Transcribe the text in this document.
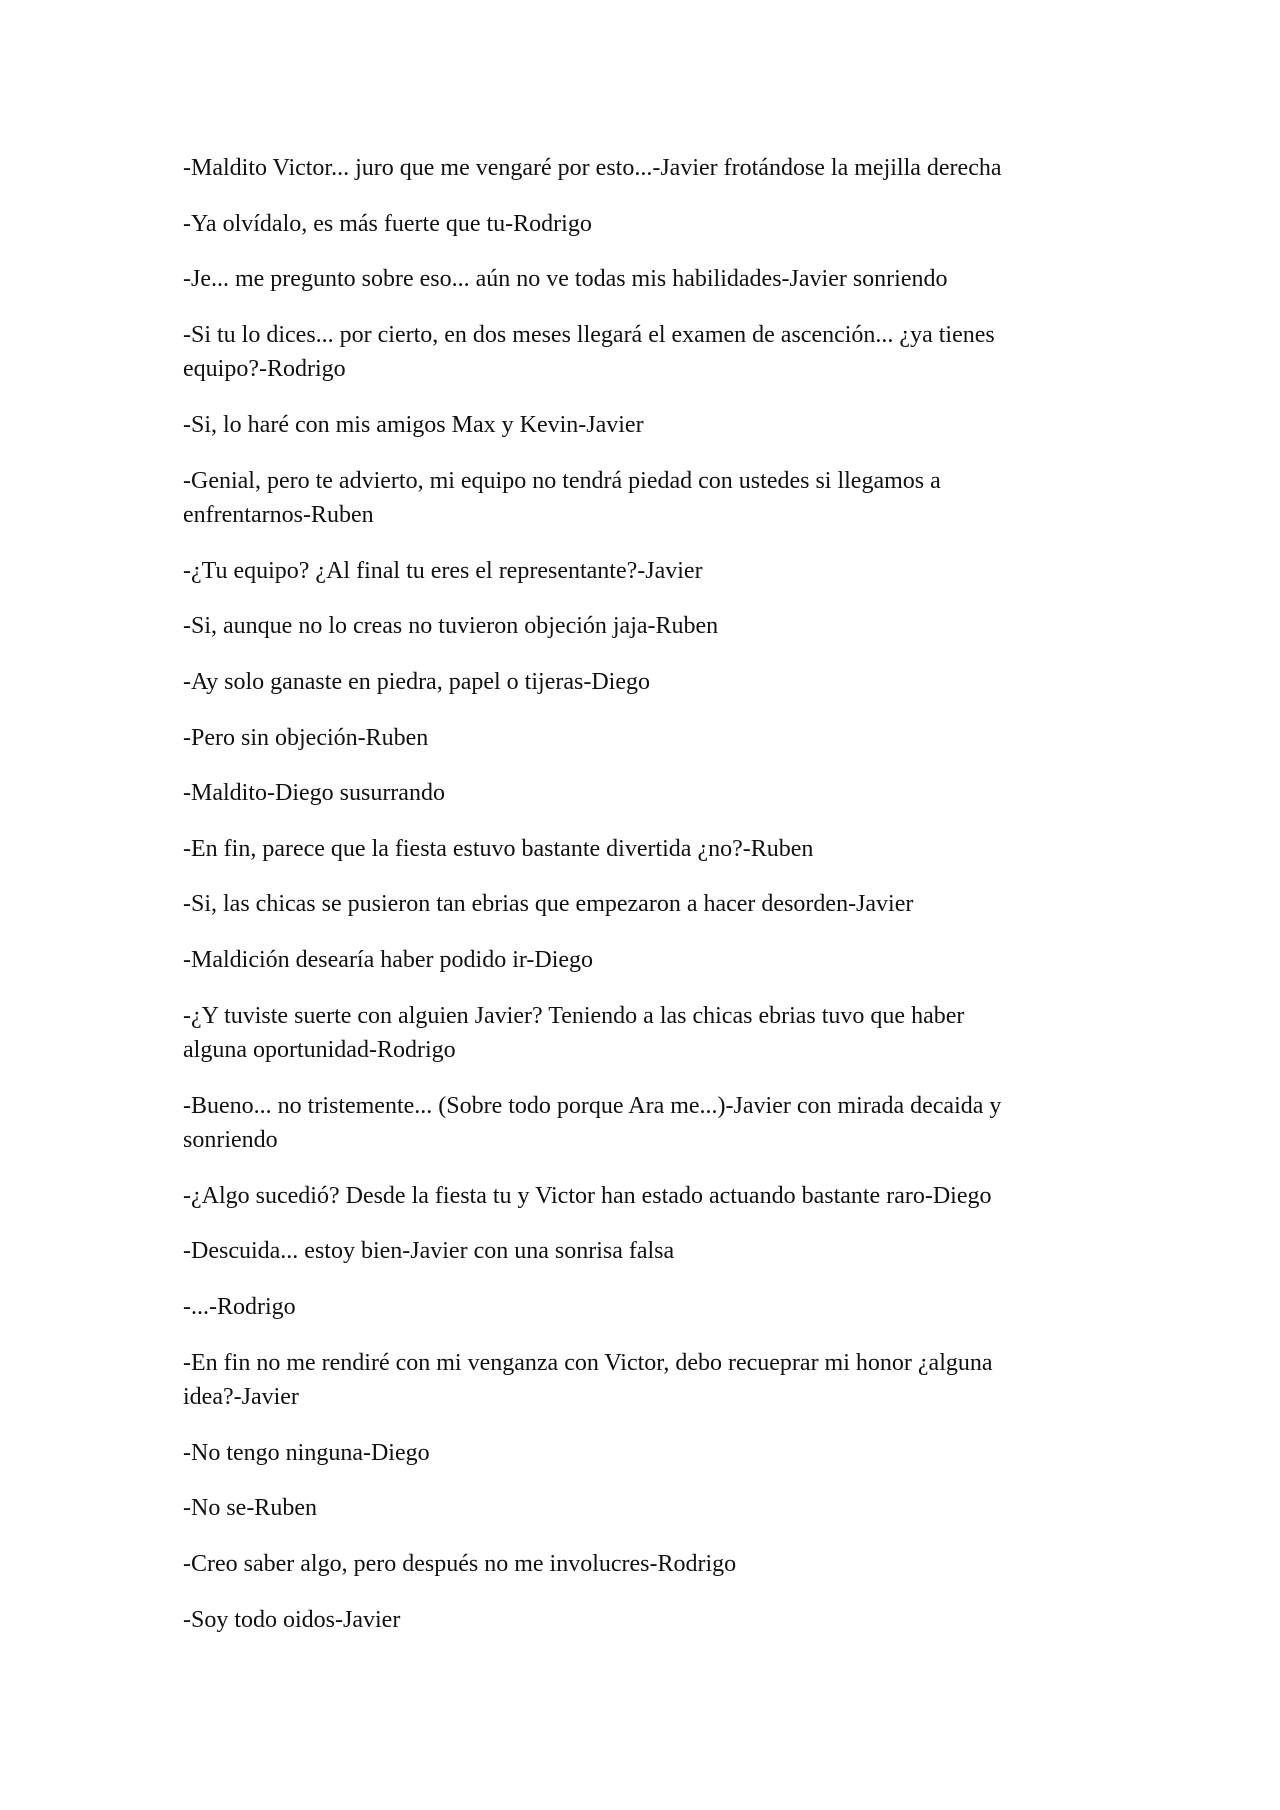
-Maldito Victor... juro que me vengaré por esto...-Javier frotándose la mejilla derecha

-Ya olvídalo, es más fuerte que tu-Rodrigo

-Je... me pregunto sobre eso... aún no ve todas mis habilidades-Javier sonriendo

-Si tu lo dices... por cierto, en dos meses llegará el examen de ascención... ¿ya tienes
equipo?-Rodrigo

-Si, lo haré con mis amigos Max y Kevin-Javier

-Genial, pero te advierto, mi equipo no tendrá piedad con ustedes si llegamos a
enfrentarnos-Ruben

-¿Tu equipo? ¿Al final tu eres el representante?-Javier

-Si, aunque no lo creas no tuvieron objeción jaja-Ruben

-Ay solo ganaste en piedra, papel o tijeras-Diego

-Pero sin objeción-Ruben

-Maldito-Diego susurrando

-En fin, parece que la fiesta estuvo bastante divertida ¿no?-Ruben

-Si, las chicas se pusieron tan ebrias que empezaron a hacer desorden-Javier

-Maldición desearía haber podido ir-Diego

-¿Y tuviste suerte con alguien Javier? Teniendo a las chicas ebrias tuvo que haber
alguna oportunidad-Rodrigo

-Bueno... no tristemente... (Sobre todo porque Ara me...)-Javier con mirada decaida y
sonriendo

-¿Algo sucedió? Desde la fiesta tu y Victor han estado actuando bastante raro-Diego

-Descuida... estoy bien-Javier con una sonrisa falsa

-...-Rodrigo

-En fin no me rendiré con mi venganza con Victor, debo recueprar mi honor ¿alguna
idea?-Javier

-No tengo ninguna-Diego

-No se-Ruben

-Creo saber algo, pero después no me involucres-Rodrigo

-Soy todo oidos-Javier
